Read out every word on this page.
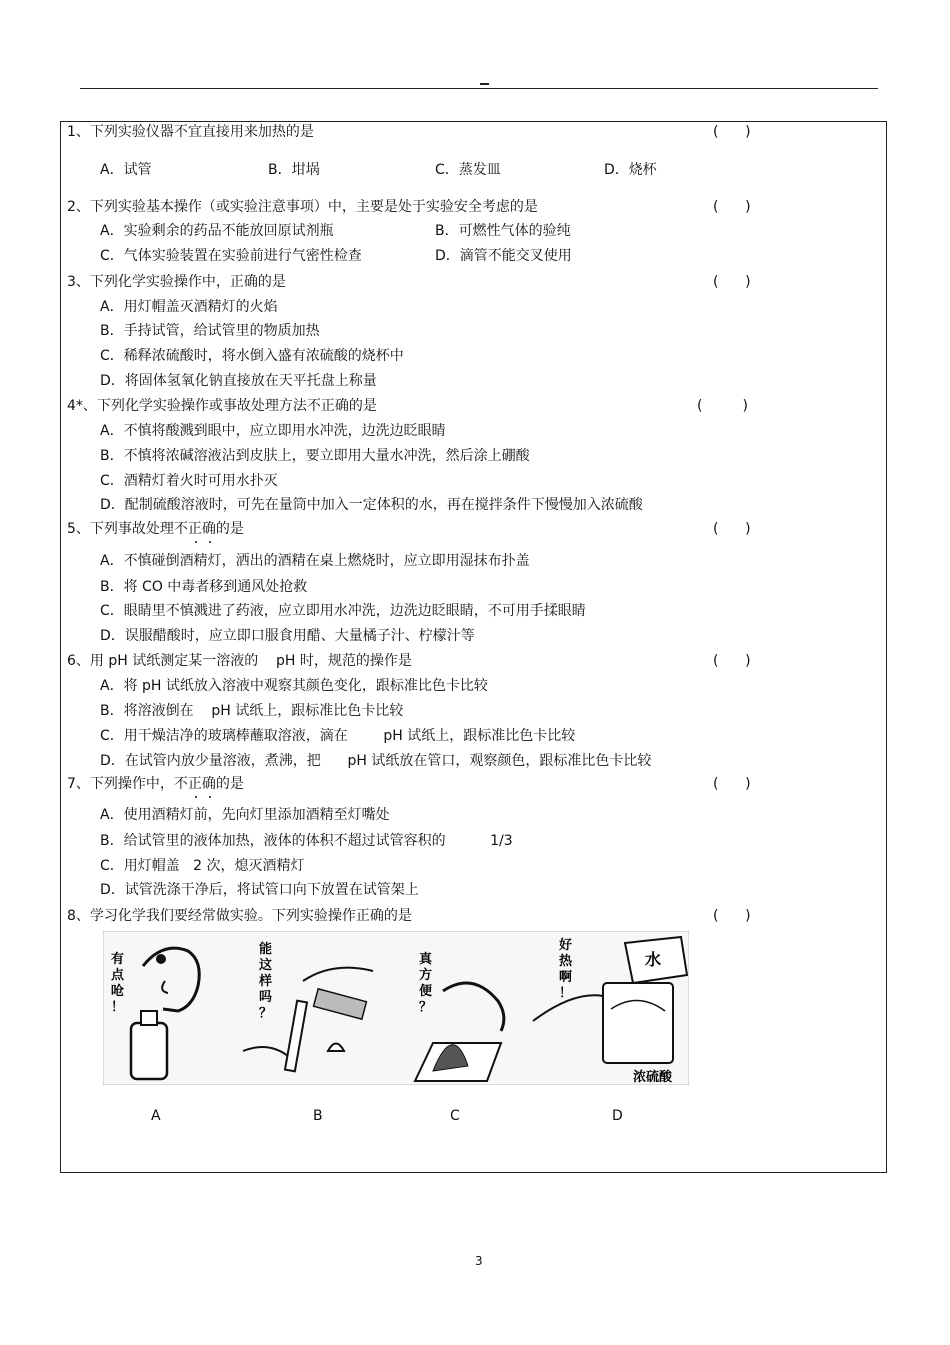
1、下列实验仪器不宜直接用来加热的是	(      )
A．试管	B．坩埚	C．蒸发皿	D．烧杯
2、下列实验基本操作（或实验注意事项）中，主要是处于实验安全考虑的是	(      )
A．实验剩余的药品不能放回原试剂瓶	B．可燃性气体的验纯
C．气体实验装置在实验前进行气密性检查	D．滴管不能交叉使用
3、下列化学实验操作中，正确的是	(      )
A．用灯帽盖灭酒精灯的火焰
B．手持试管，给试管里的物质加热
C．稀释浓硫酸时，将水倒入盛有浓硫酸的烧杯中
D．将固体氢氧化钠直接放在天平托盘上称量
4*、下列化学实验操作或事故处理方法不正确的是	(         )
A．不慎将酸溅到眼中，应立即用水冲洗，边洗边眨眼睛
B．不慎将浓碱溶液沾到皮肤上，要立即用大量水冲洗，然后涂上硼酸
C．酒精灯着火时可用水扑灭
D．配制硫酸溶液时，可先在量筒中加入一定体积的水，再在搅拌条件下慢慢加入浓硫酸
5、下列事故处理不正确的是	(      )
A．不慎碰倒酒精灯，洒出的酒精在桌上燃烧时，应立即用湿抹布扑盖
B．将 CO 中毒者移到通风处抢救
C．眼睛里不慎溅进了药液，应立即用水冲洗，边洗边眨眼睛，不可用手揉眼睛
D．误服醋酸时，应立即口服食用醋、大量橘子汁、柠檬汁等
6、用 pH 试纸测定某一溶液的    pH 时，规范的操作是	(      )
A．将 pH 试纸放入溶液中观察其颜色变化，跟标准比色卡比较
B．将溶液倒在    pH 试纸上，跟标准比色卡比较
C．用干燥洁净的玻璃棒蘸取溶液，滴在        pH 试纸上，跟标准比色卡比较
D．在试管内放少量溶液，煮沸，把      pH 试纸放在管口，观察颜色，跟标准比色卡比较
7、下列操作中，不正确的是	(      )
A．使用酒精灯前，先向灯里添加酒精至灯嘴处
B．给试管里的液体加热，液体的体积不超过试管容积的          1/3
C．用灯帽盖   2 次，熄灭酒精灯
D．试管洗涤干净后，将试管口向下放置在试管架上
8、学习化学我们要经常做实验。下列实验操作正确的是	(      )
有 点 呛 ！
能 这 样 吗 ？
真 方 便 ？
好 热 啊 ！
水
浓硫酸
A	B	C	D
3
